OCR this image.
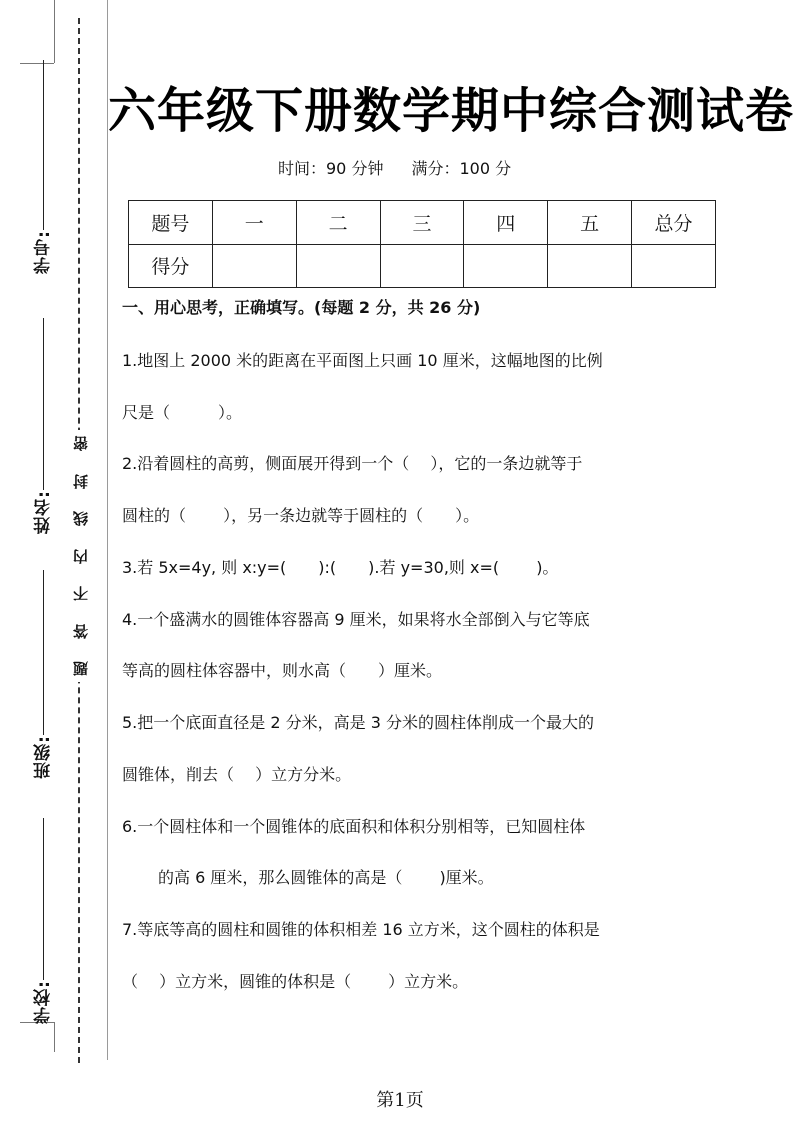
学号:
姓名:
班级:
学校:
密
封
线
内
不
答
题
六年级下册数学期中综合测试卷
时间：90 分钟 满分：100 分
题号	一	二	三	四	五	总分
得分						
一、用心思考，正确填写。(每题 2 分，共 26 分)
1.地图上 2000 米的距离在平面图上只画 10 厘米，这幅地图的比例
尺是（　　　）。
2.沿着圆柱的高剪，侧面展开得到一个（　 ），它的一条边就等于
圆柱的（　　 ），另一条边就等于圆柱的（　　）。
3.若 5x=4y, 则 x:y=(　　):(　　).若 y=30,则 x=(　　 )。
4.一个盛满水的圆锥体容器高 9 厘米，如果将水全部倒入与它等底
等高的圆柱体容器中，则水高（　　）厘米。
5.把一个底面直径是 2 分米，高是 3 分米的圆柱体削成一个最大的
圆锥体，削去（　 ）立方分米。
6.一个圆柱体和一个圆锥体的底面积和体积分别相等，已知圆柱体
的高 6 厘米，那么圆锥体的高是（　　 )厘米。
7.等底等高的圆柱和圆锥的体积相差 16 立方米，这个圆柱的体积是
（　 ）立方米，圆锥的体积是（　　 ）立方米。
第1页
